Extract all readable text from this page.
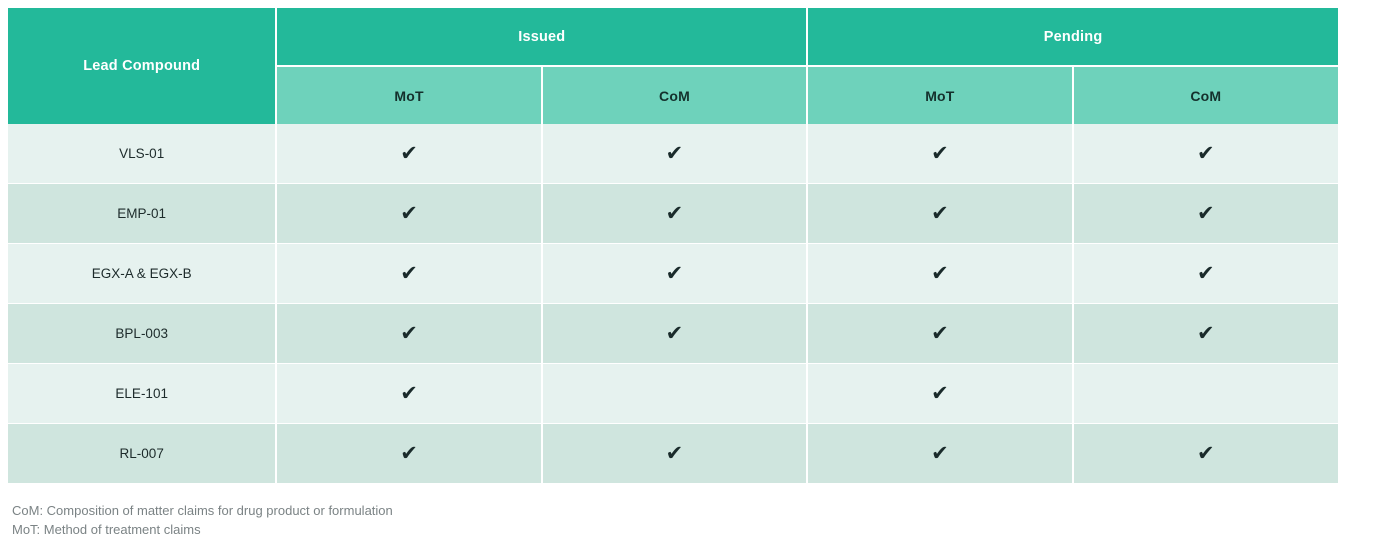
Lead Compound	Issued		Pending	
	MoT	CoM	MoT	CoM
VLS-01	✔	✔	✔	✔
EMP-01	✔	✔	✔	✔
EGX-A & EGX-B	✔	✔	✔	✔
BPL-003	✔	✔	✔	✔
ELE-101	✔		✔	
RL-007	✔	✔	✔	✔
CoM: Composition of matter claims for drug product or formulation
MoT: Method of treatment claims
